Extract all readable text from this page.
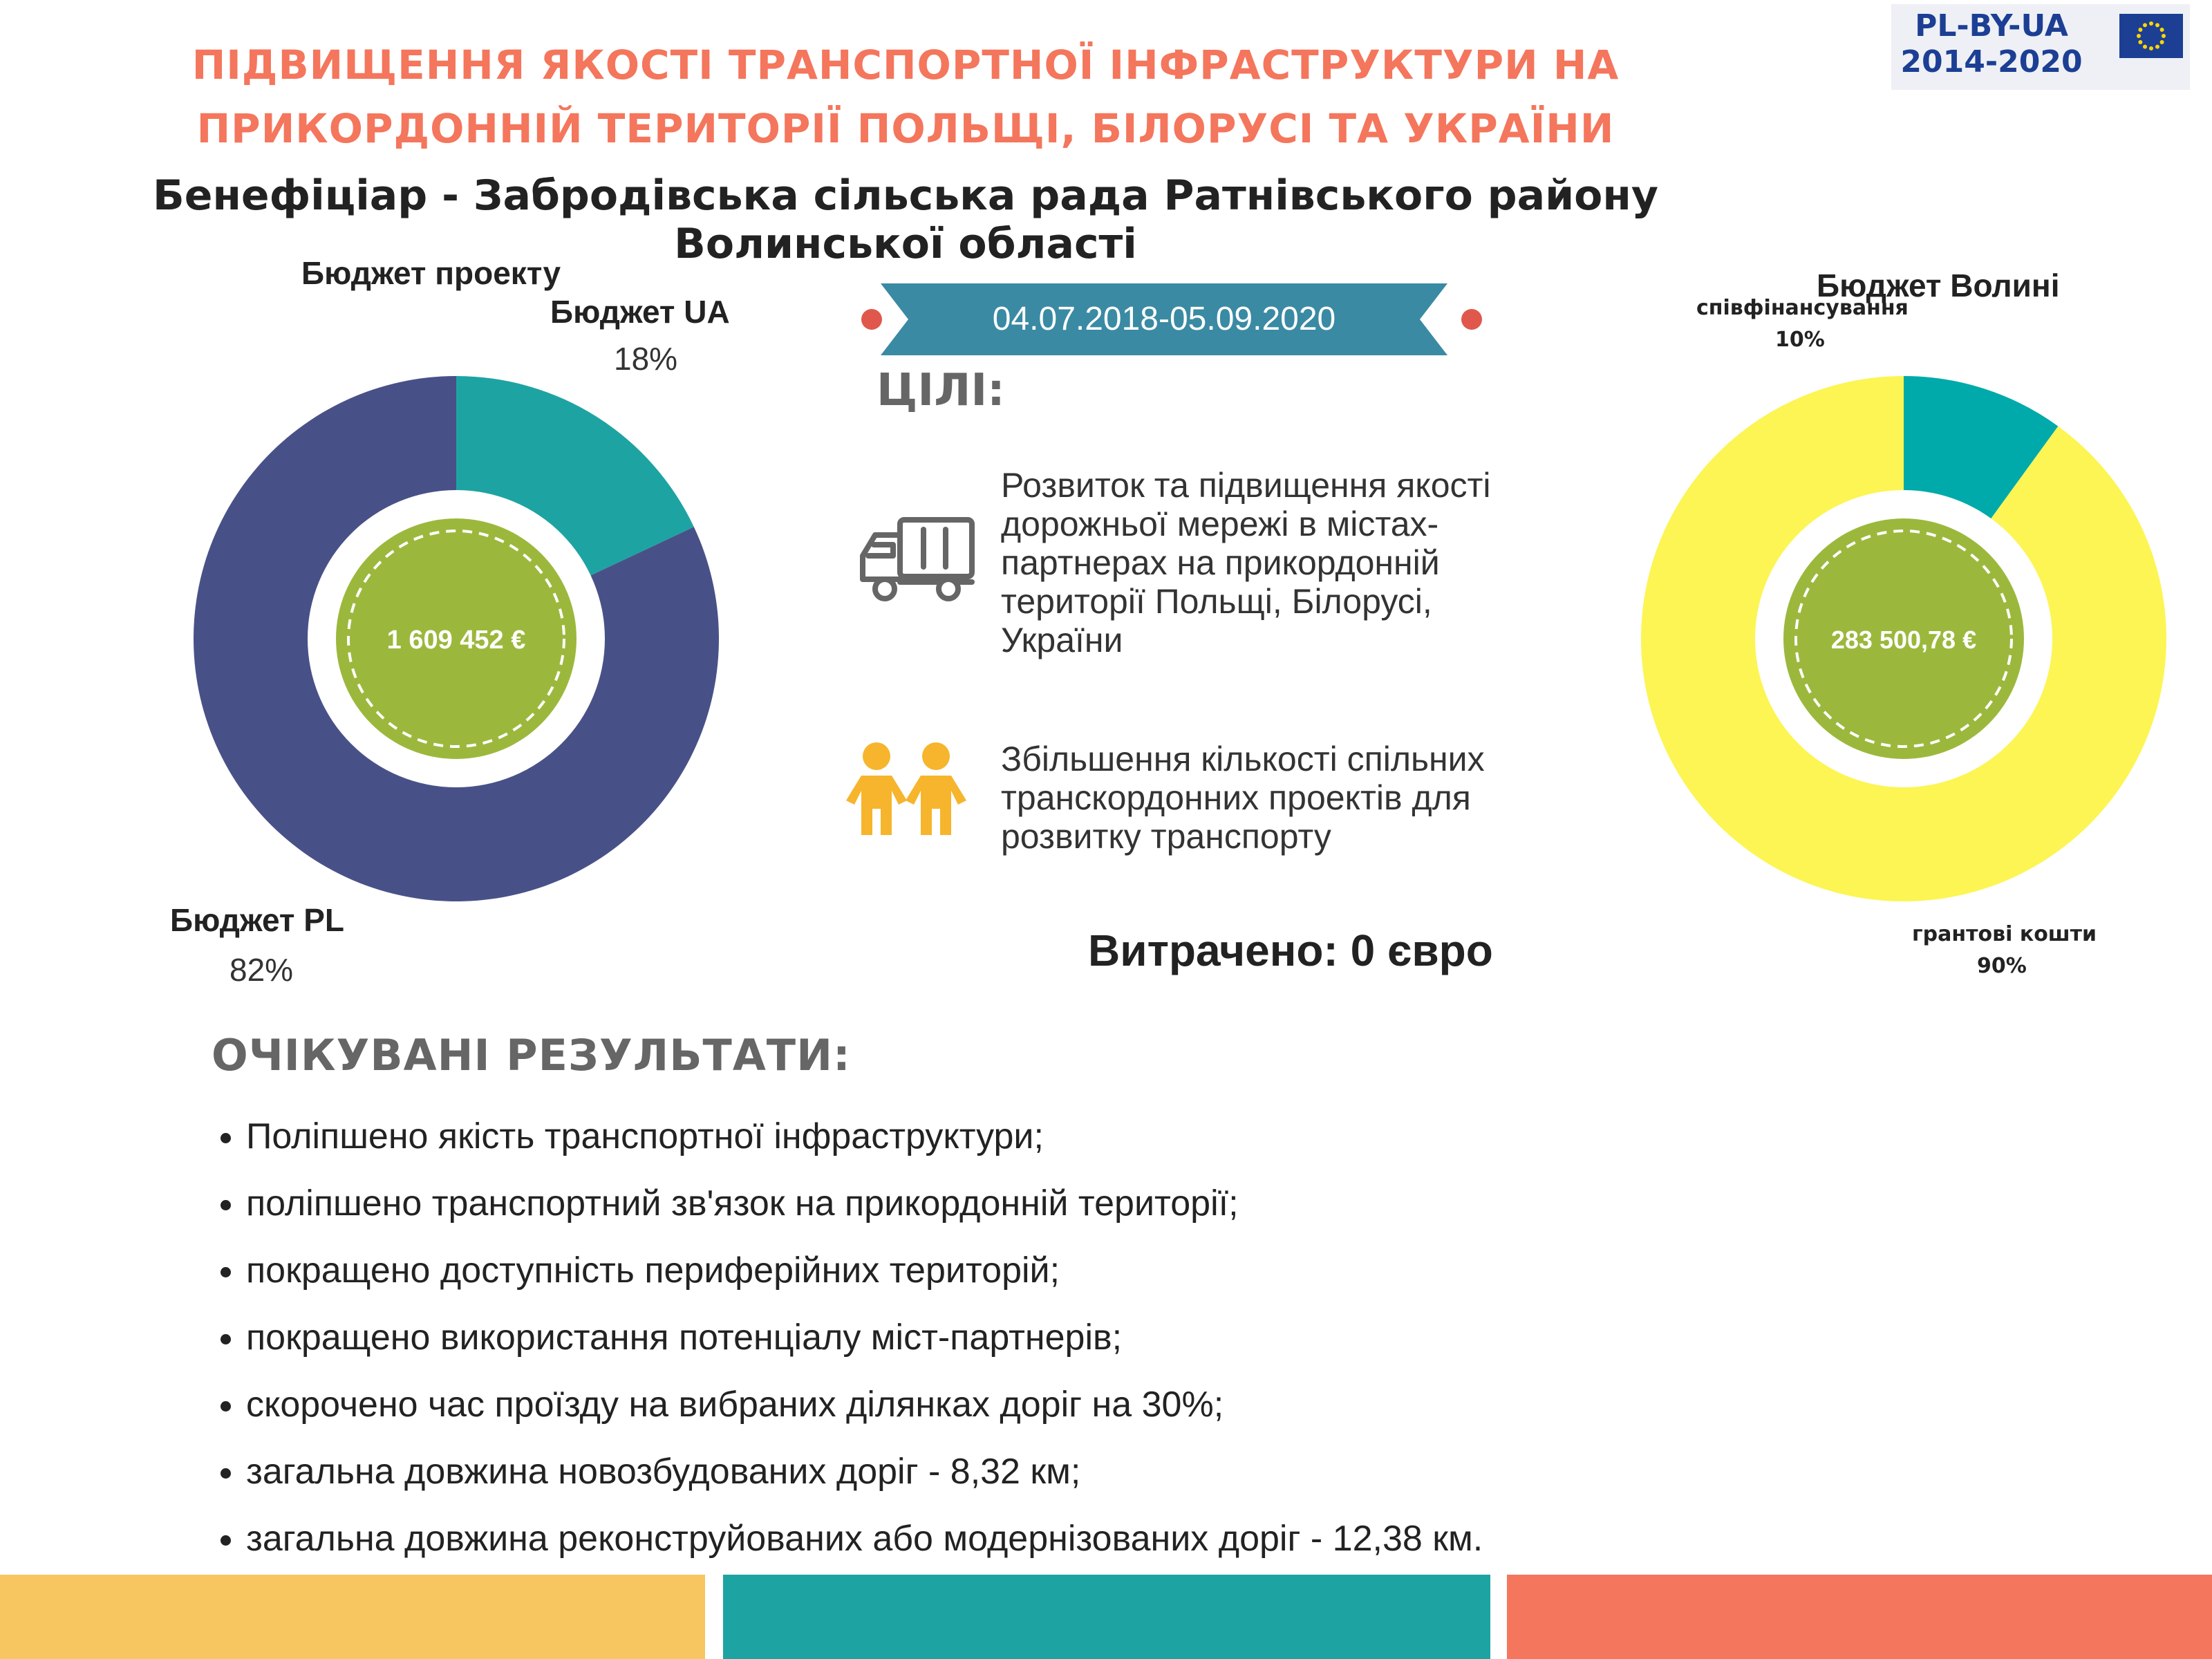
ПІДВИЩЕННЯ ЯКОСТІ ТРАНСПОРТНОЇ ІНФРАСТРУКТУРИ НА
ПРИКОРДОННІЙ ТЕРИТОРІЇ ПОЛЬЩІ, БІЛОРУСІ ТА УКРАЇНИ
Бенефіціар - Забродівська сільська рада Ратнівського району
Волинської області
PL-BY-UA
2014-2020
Бюджет проекту
Бюджет UA
18%
Бюджет PL
82%
1 609 452 €
04.07.2018-05.09.2020
ЦІЛІ:
Розвиток та підвищення якості дорожньої мережі в містах-партнерах на прикордонній території Польщі, Білорусі, України
Збільшення кількості спільних транскордонних проектів для розвитку транспорту
Витрачено: 0 євро
Бюджет Волині
співфінансування
10%
грантові кошти
90%
283 500,78 €
ОЧІКУВАНІ РЕЗУЛЬТАТИ:
• Поліпшено якість транспортної інфраструктури;
• поліпшено транспортний зв'язок на прикордонній території;
• покращено доступність периферійних територій;
• покращено використання потенціалу міст-партнерів;
• скорочено час проїзду на вибраних ділянках доріг на 30%;
• загальна довжина новозбудованих доріг - 8,32 км;
• загальна довжина реконструйованих або модернізованих доріг - 12,38 км.
